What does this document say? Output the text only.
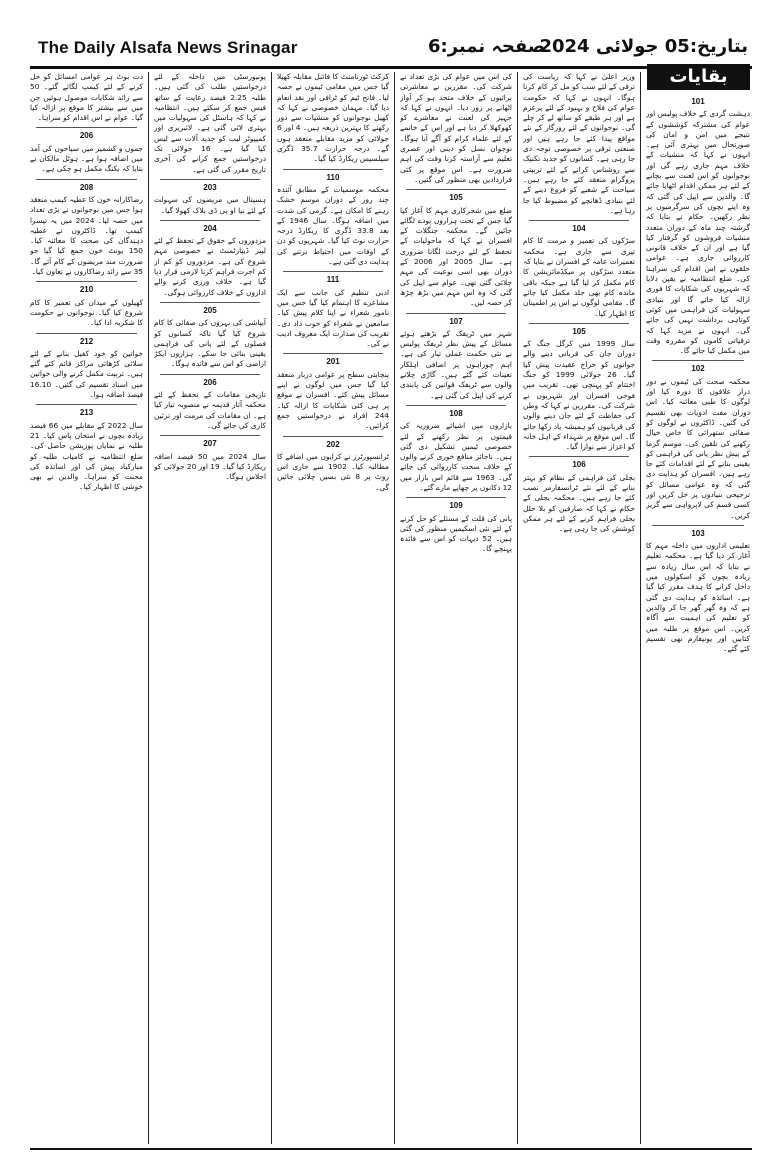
The Daily Alsafa News Srinagar	صفحہ نمبر:6
بتاریخ:05 جولائی 2024
بقایات
101

دہشت گردی کے خلاف پولیس اور عوام کی مشترکہ کوششوں کے نتیجے میں امن و امان کی صورتحال میں بہتری آئی ہے۔ انہوں نے کہا کہ منشیات کے خلاف مہم جاری رہے گی اور نوجوانوں کو اس لعنت سے بچانے کے لئے ہر ممکن اقدام اٹھایا جائے گا۔ والدین سے اپیل کی گئی کہ وہ اپنے بچوں کی سرگرمیوں پر نظر رکھیں۔ حکام نے بتایا کہ گزشتہ چند ماہ کے دوران متعدد منشیات فروشوں کو گرفتار کیا گیا ہے اور ان کے خلاف قانونی کارروائی جاری ہے۔ عوامی حلقوں نے اس اقدام کی سراہنا کی۔ ضلع انتظامیہ نے یقین دلایا کہ شہریوں کی شکایات کا فوری ازالہ کیا جائے گا اور بنیادی سہولیات کی فراہمی میں کوئی کوتاہی برداشت نہیں کی جائے گی۔ انہوں نے مزید کہا کہ ترقیاتی کاموں کو مقررہ وقت میں مکمل کیا جائے گا۔

102

محکمہ صحت کی ٹیموں نے دور دراز علاقوں کا دورہ کیا اور لوگوں کا طبی معائنہ کیا۔ اس دوران مفت ادویات بھی تقسیم کی گئیں۔ ڈاکٹروں نے لوگوں کو صفائی ستھرائی کا خاص خیال رکھنے کی تلقین کی۔ موسم گرما کے پیش نظر پانی کی فراہمی کو یقینی بنانے کے لئے اقدامات کئے جا رہے ہیں۔ افسران کو ہدایت دی گئی کہ وہ عوامی مسائل کو ترجیحی بنیادوں پر حل کریں اور کسی قسم کی لاپرواہی سے گریز کریں۔

103

تعلیمی اداروں میں داخلہ مہم کا آغاز کر دیا گیا ہے۔ محکمہ تعلیم نے بتایا کہ اس سال زیادہ سے زیادہ بچوں کو اسکولوں میں داخل کرانے کا ہدف مقرر کیا گیا ہے۔ اساتذہ کو ہدایت دی گئی ہے کہ وہ گھر گھر جا کر والدین کو تعلیم کی اہمیت سے آگاہ کریں۔ اس موقع پر طلبہ میں کتابیں اور یونیفارم بھی تقسیم کئے گئے۔

وزیر اعلیٰ نے کہا کہ ریاست کی ترقی کے لئے سب کو مل کر کام کرنا ہوگا۔ انہوں نے کہا کہ حکومت عوام کی فلاح و بہبود کے لئے پرعزم ہے اور ہر طبقے کو ساتھ لے کر چلے گی۔ نوجوانوں کے لئے روزگار کے نئے مواقع پیدا کئے جا رہے ہیں اور صنعتی ترقی پر خصوصی توجہ دی جا رہی ہے۔ کسانوں کو جدید تکنیک سے روشناس کرانے کے لئے تربیتی پروگرام منعقد کئے جا رہے ہیں۔ سیاحت کے شعبے کو فروغ دینے کے لئے بنیادی ڈھانچے کو مضبوط کیا جا رہا ہے۔

104

سڑکوں کی تعمیر و مرمت کا کام تیزی سے جاری ہے۔ محکمہ تعمیرات عامہ کے افسران نے بتایا کہ متعدد سڑکوں پر میکڈمائزیشن کا کام مکمل کر لیا گیا ہے جبکہ باقی ماندہ کام بھی جلد مکمل کیا جائے گا۔ مقامی لوگوں نے اس پر اطمینان کا اظہار کیا۔

105

سال 1999 میں کرگل جنگ کے دوران جان کی قربانی دینے والے جوانوں کو خراج عقیدت پیش کیا گیا۔ 26 جولائی 1999 کو جنگ اختتام کو پہنچی تھی۔ تقریب میں فوجی افسران اور شہریوں نے شرکت کی۔ مقررین نے کہا کہ وطن کی حفاظت کے لئے جان دینے والوں کی قربانیوں کو ہمیشہ یاد رکھا جائے گا۔ اس موقع پر شہداء کے اہل خانہ کو اعزاز سے نوازا گیا۔

106

بجلی کی فراہمی کے نظام کو بہتر بنانے کے لئے نئے ٹرانسفارمر نصب کئے جا رہے ہیں۔ محکمہ بجلی کے حکام نے کہا کہ صارفین کو بلا خلل بجلی فراہم کرنے کے لئے ہر ممکن کوشش کی جا رہی ہے۔

کی اس میں عوام کی بڑی تعداد نے شرکت کی۔ مقررین نے معاشرتی برائیوں کے خلاف متحد ہو کر آواز اٹھانے پر زور دیا۔ انہوں نے کہا کہ جہیز کی لعنت نے معاشرے کو کھوکھلا کر دیا ہے اور اس کے خاتمے کے لئے علماء کرام کو آگے آنا ہوگا۔ نوجوان نسل کو دینی اور عصری تعلیم سے آراستہ کرنا وقت کی اہم ضرورت ہے۔ اس موقع پر کئی قراردادیں بھی منظور کی گئیں۔

105

ضلع میں شجرکاری مہم کا آغاز کیا گیا جس کے تحت ہزاروں پودے لگائے جائیں گے۔ محکمہ جنگلات کے افسران نے کہا کہ ماحولیات کے تحفظ کے لئے درخت لگانا ضروری ہے۔ سال 2005 اور 2006 کے دوران بھی اسی نوعیت کی مہم چلائی گئی تھی۔ عوام سے اپیل کی گئی کہ وہ اس مہم میں بڑھ چڑھ کر حصہ لیں۔

107

شہر میں ٹریفک کے بڑھتے ہوئے مسائل کے پیش نظر ٹریفک پولیس نے نئی حکمت عملی تیار کی ہے۔ اہم چوراہوں پر اضافی اہلکار تعینات کئے گئے ہیں۔ گاڑی چلانے والوں سے ٹریفک قوانین کی پابندی کرنے کی اپیل کی گئی ہے۔

108

بازاروں میں اشیائے ضروریہ کی قیمتوں پر نظر رکھنے کے لئے خصوصی ٹیمیں تشکیل دی گئی ہیں۔ ناجائز منافع خوری کرنے والوں کے خلاف سخت کارروائی کی جائے گی۔ 1963 سے قائم اس بازار میں 12 دکانوں پر چھاپے مارے گئے۔

109

پانی کی قلت کے مسئلے کو حل کرنے کے لئے نئی اسکیمیں منظور کی گئی ہیں۔ 52 دیہات کو اس سے فائدہ پہنچے گا۔

کرکٹ ٹورنامنٹ کا فائنل مقابلہ کھیلا گیا جس میں مقامی ٹیموں نے حصہ لیا۔ فاتح ٹیم کو ٹرافی اور نقد انعام دیا گیا۔ مہمان خصوصی نے کہا کہ کھیل نوجوانوں کو منشیات سے دور رکھنے کا بہترین ذریعہ ہیں۔ 4 اور 6 جولائی کو مزید مقابلے منعقد ہوں گے۔ درجہ حرارت 35.7 ڈگری سیلسیس ریکارڈ کیا گیا۔

110

محکمہ موسمیات کے مطابق آئندہ چند روز کے دوران موسم خشک رہنے کا امکان ہے۔ گرمی کی شدت میں اضافہ ہوگا۔ سال 1946 کے بعد 33.8 ڈگری کا ریکارڈ درجہ حرارت نوٹ کیا گیا۔ شہریوں کو دن کے اوقات میں احتیاط برتنے کی ہدایت دی گئی ہے۔

111

ادبی تنظیم کی جانب سے ایک مشاعرے کا اہتمام کیا گیا جس میں نامور شعراء نے اپنا کلام پیش کیا۔ سامعین نے شعراء کو خوب داد دی۔ تقریب کی صدارت ایک معروف ادیب نے کی۔

201

پنچایتی سطح پر عوامی دربار منعقد کیا گیا جس میں لوگوں نے اپنے مسائل پیش کئے۔ افسران نے موقع پر ہی کئی شکایات کا ازالہ کیا۔ 244 افراد نے درخواستیں جمع کرائیں۔

202

ٹرانسپورٹرز نے کرایوں میں اضافے کا مطالبہ کیا۔ 1902 سے جاری اس روٹ پر 8 نئی بسیں چلائی جائیں گی۔

یونیورسٹی میں داخلہ کے لئے درخواستیں طلب کی گئی ہیں۔ طلبہ 2.25 فیصد رعایت کے ساتھ فیس جمع کر سکتے ہیں۔ انتظامیہ نے کہا کہ ہاسٹل کی سہولیات میں بہتری لائی گئی ہے۔ لائبریری اور کمپیوٹر لیب کو جدید آلات سے لیس کیا گیا ہے۔ 16 جولائی تک درخواستیں جمع کرانے کی آخری تاریخ مقرر کی گئی ہے۔

203

ہسپتال میں مریضوں کی سہولت کے لئے نیا او پی ڈی بلاک کھولا گیا۔

204

مزدوروں کے حقوق کے تحفظ کے لئے لیبر ڈیپارٹمنٹ نے خصوصی مہم شروع کی ہے۔ مزدوروں کو کم از کم اجرت فراہم کرنا لازمی قرار دیا گیا ہے۔ خلاف ورزی کرنے والے اداروں کے خلاف کارروائی ہوگی۔

205

آبپاشی کی نہروں کی صفائی کا کام شروع کیا گیا تاکہ کسانوں کو فصلوں کے لئے پانی کی فراہمی یقینی بنائی جا سکے۔ ہزاروں ایکڑ اراضی کو اس سے فائدہ ہوگا۔

206

تاریخی مقامات کے تحفظ کے لئے محکمہ آثار قدیمہ نے منصوبہ تیار کیا ہے۔ ان مقامات کی مرمت اور تزئین کاری کی جائے گی۔

207

سال 2024 میں 50 فیصد اضافہ ریکارڈ کیا گیا۔ 19 اور 20 جولائی کو اجلاس ہوگا۔

دت بوٹ ہر عوامی امسائل کو حل کرنے کے لئے کیمپ لگائے گئے۔ 50 سے زائد شکایات موصول ہوئیں جن میں سے بیشتر کا موقع پر ازالہ کیا گیا۔ عوام نے اس اقدام کو سراہا۔

206

جموں و کشمیر میں سیاحوں کی آمد میں اضافہ ہوا ہے۔ ہوٹل مالکان نے بتایا کہ بکنگ مکمل ہو چکی ہے۔

208

رضاکارانہ خون کا عطیہ کیمپ منعقد ہوا جس میں نوجوانوں نے بڑی تعداد میں حصہ لیا۔ 2024 میں یہ تیسرا کیمپ تھا۔ ڈاکٹروں نے عطیہ دہندگان کی صحت کا معائنہ کیا۔ 150 یونٹ خون جمع کیا گیا جو ضرورت مند مریضوں کے کام آئے گا۔ 35 سے زائد رضاکاروں نے تعاون کیا۔

210

کھیلوں کے میدان کی تعمیر کا کام شروع کیا گیا۔ نوجوانوں نے حکومت کا شکریہ ادا کیا۔

212

خواتین کو خود کفیل بنانے کے لئے سلائی کڑھائی مراکز قائم کئے گئے ہیں۔ تربیت مکمل کرنے والی خواتین میں اسناد تقسیم کی گئیں۔ 16.10 فیصد اضافہ ہوا۔

213

سال 2022 کے مقابلے میں 66 فیصد زیادہ بچوں نے امتحان پاس کیا۔ 21 طلبہ نے نمایاں پوزیشن حاصل کی۔ ضلع انتظامیہ نے کامیاب طلبہ کو مبارکباد پیش کی اور اساتذہ کی محنت کو سراہا۔ والدین نے بھی خوشی کا اظہار کیا۔
